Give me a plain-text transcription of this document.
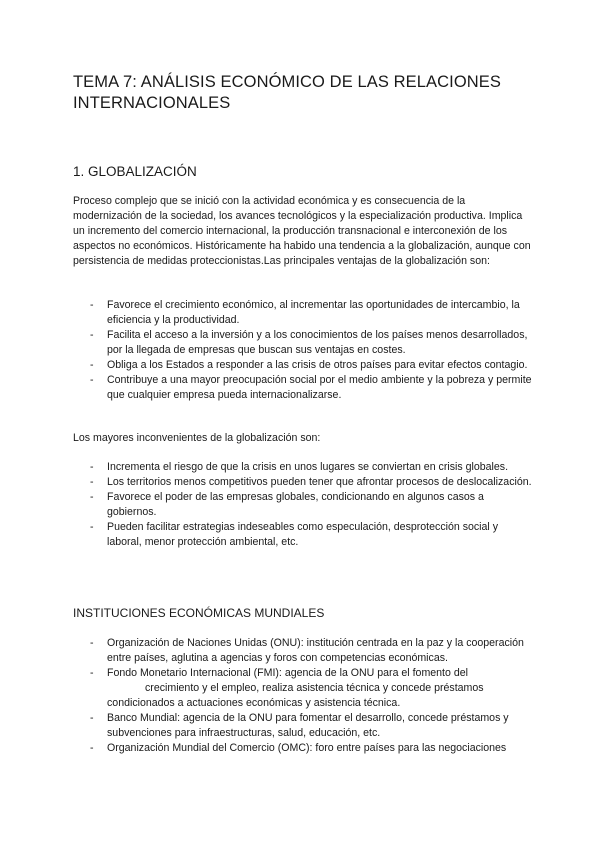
TEMA 7: ANÁLISIS ECONÓMICO DE LAS RELACIONES INTERNACIONALES
1. GLOBALIZACIÓN

Proceso complejo que se inició con la actividad económica y es consecuencia de la modernización de la sociedad, los avances tecnológicos y la especialización productiva. Implica un incremento del comercio internacional, la producción transnacional e interconexión de los aspectos no económicos. Históricamente ha habido una tendencia a la globalización, aunque con persistencia de medidas proteccionistas.Las principales ventajas de la globalización son:

- Favorece el crecimiento económico, al incrementar las oportunidades de intercambio, la eficiencia y la productividad.
- Facilita el acceso a la inversión y a los conocimientos de los países menos desarrollados, por la llegada de empresas que buscan sus ventajas en costes.
- Obliga a los Estados a responder a las crisis de otros países para evitar efectos contagio.
- Contribuye a una mayor preocupación social por el medio ambiente y la pobreza y permite que cualquier empresa pueda internacionalizarse.

Los mayores inconvenientes de la globalización son:

- Incrementa el riesgo de que la crisis en unos lugares se conviertan en crisis globales.
- Los territorios menos competitivos pueden tener que afrontar procesos de deslocalización.
- Favorece el poder de las empresas globales, condicionando en algunos casos a gobiernos.
- Pueden facilitar estrategias indeseables como especulación, desprotección social y laboral, menor protección ambiental, etc.
INSTITUCIONES ECONÓMICAS MUNDIALES
- Organización de Naciones Unidas (ONU): institución centrada en la paz y la cooperación entre países, aglutina a agencias y foros con competencias económicas.
- Fondo Monetario Internacional (FMI): agencia de la ONU para el fomento del
crecimiento y el empleo, realiza asistencia técnica y concede préstamos
condicionados a actuaciones económicas y asistencia técnica.
- Banco Mundial: agencia de la ONU para fomentar el desarrollo, concede préstamos y subvenciones para infraestructuras, salud, educación, etc.
- Organización Mundial del Comercio (OMC): foro entre países para las negociaciones
